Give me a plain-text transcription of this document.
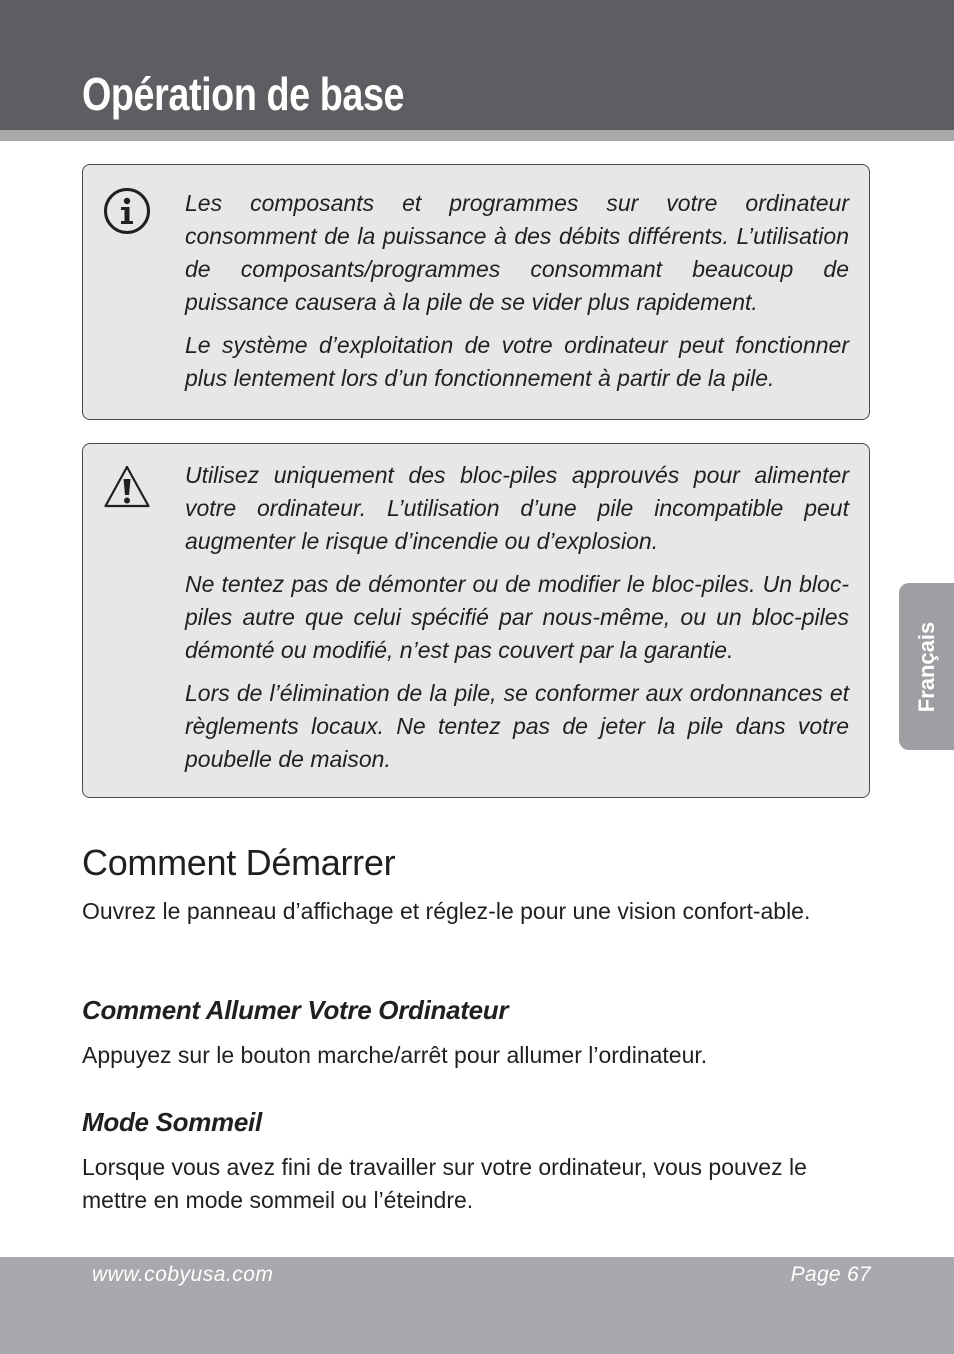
Opération de base

Les composants et programmes sur votre ordinateur consomment de la puissance à des débits différents. L’utilisation de composants/programmes consommant beaucoup de puissance causera à la pile de se vider plus rapidement.

Le système d’exploitation de votre ordinateur peut fonctionner plus lentement lors d’un fonctionnement à partir de la pile.

Utilisez uniquement des bloc-piles approuvés pour alimenter votre ordinateur. L’utilisation d’une pile incompatible peut augmenter le risque d’incendie ou d’explosion.

Ne tentez pas de démonter ou de modifier le bloc-piles. Un bloc-piles autre que celui spécifié par nous-même, ou un bloc-piles démonté ou modifié, n’est pas couvert par la garantie.

Lors de l’élimination de la pile, se conformer aux ordonnances et règlements locaux. Ne tentez pas de jeter la pile dans votre poubelle de maison.

Français
Comment Démarrer

Ouvrez le panneau d’affichage et réglez-le pour une vision confort-able.

Comment Allumer Votre Ordinateur

Appuyez sur le bouton marche/arrêt pour allumer l’ordinateur.

Mode Sommeil

Lorsque vous avez fini de travailler sur votre ordinateur, vous pouvez le mettre en mode sommeil ou l’éteindre.

www.cobyusa.com	Page 67
